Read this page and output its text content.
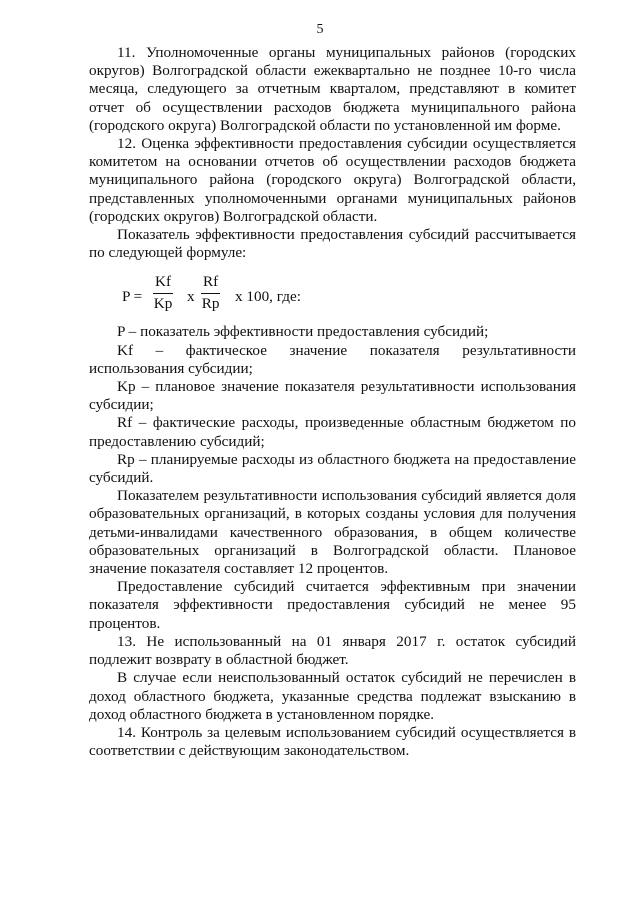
5

11. Уполномоченные органы муниципальных районов (городских округов) Волгоградской области ежеквартально не позднее 10-го числа месяца, следующего за отчетным кварталом, представляют в комитет отчет об осуществлении расходов бюджета муниципального района (городского округа) Волгоградской области по установленной им форме.

12. Оценка эффективности предоставления субсидии осуществляется комитетом на основании отчетов об осуществлении расходов бюджета муниципального района (городского округа) Волгоградской области, представленных уполномоченными органами муниципальных районов (городских округов) Волгоградской области.

Показатель эффективности предоставления субсидий рассчитывается по следующей формуле:

$P = \frac{Kf}{Kp}$ x $\frac{Rf}{Rp}$ x 100, где:

P – показатель эффективности предоставления субсидий;

Kf – фактическое значение показателя результативности использования субсидии;

Kp – плановое значение показателя результативности использования субсидии;

Rf – фактические расходы, произведенные областным бюджетом по предоставлению субсидий;

Rp – планируемые расходы из областного бюджета на предоставление субсидий.

Показателем результативности использования субсидий является доля образовательных организаций, в которых созданы условия для получения детьми-инвалидами качественного образования, в общем количестве образовательных организаций в Волгоградской области. Плановое значение показателя составляет 12 процентов.

Предоставление субсидий считается эффективным при значении показателя эффективности предоставления субсидий не менее 95 процентов.

13. Не использованный на 01 января 2017 г. остаток субсидий подлежит возврату в областной бюджет.

В случае если неиспользованный остаток субсидий не перечислен в доход областного бюджета, указанные средства подлежат взысканию в доход областного бюджета в установленном порядке.

14. Контроль за целевым использованием субсидий осуществляется в соответствии с действующим законодательством.
